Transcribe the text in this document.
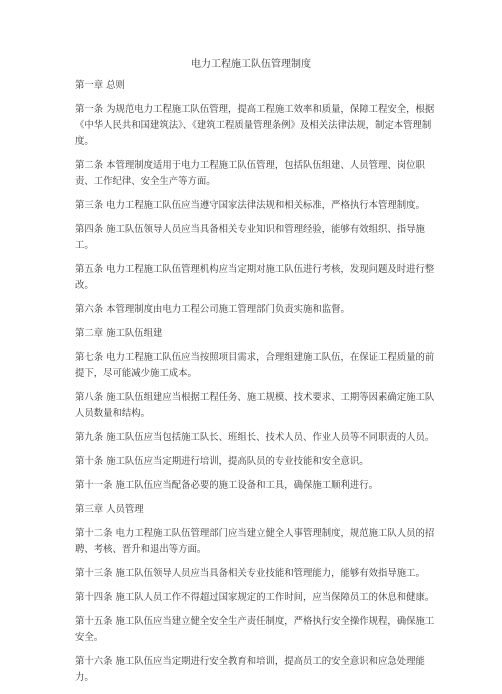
电力工程施工队伍管理制度

第一章 总则

第一条 为规范电力工程施工队伍管理，提高工程施工效率和质量，保障工程安全，根据《中华人民共和国建筑法》、《建筑工程质量管理条例》及相关法律法规，制定本管理制度。

第二条 本管理制度适用于电力工程施工队伍管理，包括队伍组建、人员管理、岗位职责、工作纪律、安全生产等方面。

第三条 电力工程施工队伍应当遵守国家法律法规和相关标准，严格执行本管理制度。

第四条 施工队伍领导人员应当具备相关专业知识和管理经验，能够有效组织、指导施工。

第五条 电力工程施工队伍管理机构应当定期对施工队伍进行考核，发现问题及时进行整改。

第六条 本管理制度由电力工程公司施工管理部门负责实施和监督。

第二章 施工队伍组建

第七条 电力工程施工队伍应当按照项目需求，合理组建施工队伍，在保证工程质量的前提下，尽可能减少施工成本。

第八条 施工队伍组建应当根据工程任务、施工规模、技术要求、工期等因素确定施工队人员数量和结构。

第九条 施工队伍应当包括施工队长、班组长、技术人员、作业人员等不同职责的人员。

第十条 施工队伍应当定期进行培训，提高队员的专业技能和安全意识。

第十一条 施工队伍应当配备必要的施工设备和工具，确保施工顺利进行。

第三章 人员管理

第十二条 电力工程施工队伍管理部门应当建立健全人事管理制度，规范施工队人员的招聘、考核、晋升和退出等方面。

第十三条 施工队伍领导人员应当具备相关专业技能和管理能力，能够有效指导施工。

第十四条 施工队人员工作不得超过国家规定的工作时间，应当保障员工的休息和健康。

第十五条 施工队伍应当建立健全安全生产责任制度，严格执行安全操作规程，确保施工安全。

第十六条 施工队伍应当定期进行安全教育和培训，提高员工的安全意识和应急处理能力。
